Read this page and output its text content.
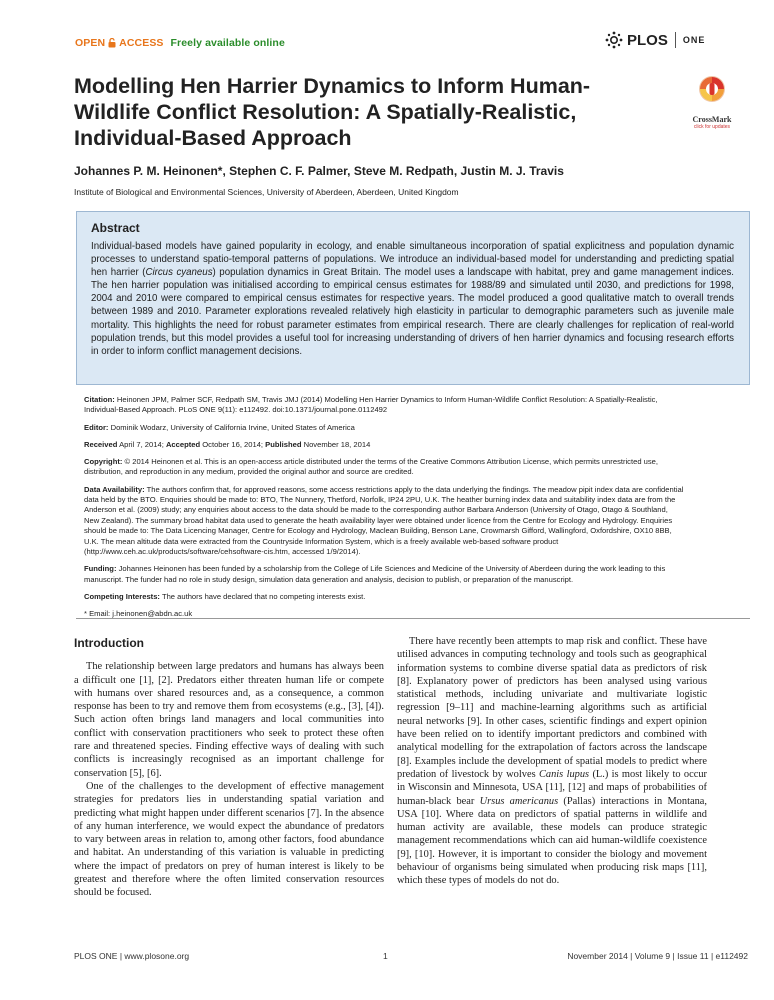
OPEN ACCESS Freely available online	PLOS ONE
Modelling Hen Harrier Dynamics to Inform Human-Wildlife Conflict Resolution: A Spatially-Realistic, Individual-Based Approach
CrossMark
click for updates
Johannes P. M. Heinonen*, Stephen C. F. Palmer, Steve M. Redpath, Justin M. J. Travis
Institute of Biological and Environmental Sciences, University of Aberdeen, Aberdeen, United Kingdom
Abstract

Individual-based models have gained popularity in ecology, and enable simultaneous incorporation of spatial explicitness and population dynamic processes to understand spatio-temporal patterns of populations. We introduce an individual-based model for understanding and predicting spatial hen harrier (Circus cyaneus) population dynamics in Great Britain. The model uses a landscape with habitat, prey and game management indices. The hen harrier population was initialised according to empirical census estimates for 1988/89 and simulated until 2030, and predictions for 1998, 2004 and 2010 were compared to empirical census estimates for respective years. The model produced a good qualitative match to overall trends between 1989 and 2010. Parameter explorations revealed relatively high elasticity in particular to demographic parameters such as juvenile male mortality. This highlights the need for robust parameter estimates from empirical research. There are clearly challenges for replication of real-world population trends, but this model provides a useful tool for increasing understanding of drivers of hen harrier dynamics and focusing research efforts in order to inform conflict management decisions.

Citation: Heinonen JPM, Palmer SCF, Redpath SM, Travis JMJ (2014) Modelling Hen Harrier Dynamics to Inform Human-Wildlife Conflict Resolution: A Spatially-Realistic, Individual-Based Approach. PLoS ONE 9(11): e112492. doi:10.1371/journal.pone.0112492

Editor: Dominik Wodarz, University of California Irvine, United States of America

Received April 7, 2014; Accepted October 16, 2014; Published November 18, 2014

Copyright: © 2014 Heinonen et al. This is an open-access article distributed under the terms of the Creative Commons Attribution License, which permits unrestricted use, distribution, and reproduction in any medium, provided the original author and source are credited.

Data Availability: The authors confirm that, for approved reasons, some access restrictions apply to the data underlying the findings. The meadow pipit index data are confidential data held by the BTO. Enquiries should be made to: BTO, The Nunnery, Thetford, Norfolk, IP24 2PU, U.K. The heather burning index data and suitability index data are from the Anderson et al. (2009) study; any enquiries about access to the data should be made to the corresponding author Barbara Anderson (University of Otago, Otago & Southland, New Zealand). The summary broad habitat data used to generate the heath availability layer were obtained under licence from the Centre for Ecology and Hydrology. Enquiries should be made to: The Data Licencing Manager, Centre for Ecology and Hydrology, Maclean Building, Benson Lane, Crowmarsh Gifford, Wallingford, Oxfordshire, OX10 8BB, U.K. The mean altitude data were extracted from the Countryside Information System, which is a freely available web-based software product (http://www.ceh.ac.uk/products/software/cehsoftware-cis.htm, accessed 1/9/2014).

Funding: Johannes Heinonen has been funded by a scholarship from the College of Life Sciences and Medicine of the University of Aberdeen during the work leading to this manuscript. The funder had no role in study design, simulation data generation and analysis, decision to publish, or preparation of the manuscript.

Competing Interests: The authors have declared that no competing interests exist.

* Email: j.heinonen@abdn.ac.uk

Introduction

The relationship between large predators and humans has always been a difficult one [1], [2]. Predators either threaten human life or compete with humans over shared resources and, as a consequence, a common response has been to try and remove them from ecosystems (e.g., [3], [4]). Such action often brings land managers and local communities into conflict with conservation practitioners who seek to protect these often rare and threatened species. Finding effective ways of dealing with such conflicts is increasingly recognised as an important challenge for conservation [5], [6].

One of the challenges to the development of effective management strategies for predators lies in understanding spatial variation and predicting what might happen under different scenarios [7]. In the absence of any human interference, we would expect the abundance of predators to vary between areas in relation to, among other factors, food abundance and habitat. An understanding of this variation is valuable in predicting where the impact of predators on prey of human interest is likely to be greatest and therefore where the often limited conservation resources should be focused.

There have recently been attempts to map risk and conflict. These have utilised advances in computing technology and tools such as geographical information systems to combine diverse spatial data as predictors of risk [8]. Explanatory power of predictors has been analysed using various statistical methods, including univariate and multivariate logistic regression [9–11] and machine-learning algorithms such as artificial neural networks [9]. In other cases, scientific findings and expert opinion have been relied on to identify important predictors and combined with analytical modelling for the extrapolation of factors across the landscape [8]. Examples include the development of spatial models to predict where predation of livestock by wolves Canis lupus (L.) is most likely to occur in Wisconsin and Minnesota, USA [11], [12] and maps of probabilities of human-black bear Ursus americanus (Pallas) interactions in Montana, USA [10]. Where data on predictors of spatial patterns in wildlife and human activity are available, these models can produce strategic management recommendations which can aid human-wildlife coexistence [9], [10]. However, it is important to consider the biology and movement behaviour of organisms being simulated when producing risk maps [11], which these types of models do not do.

PLOS ONE | www.plosone.org	1	November 2014 | Volume 9 | Issue 11 | e112492
